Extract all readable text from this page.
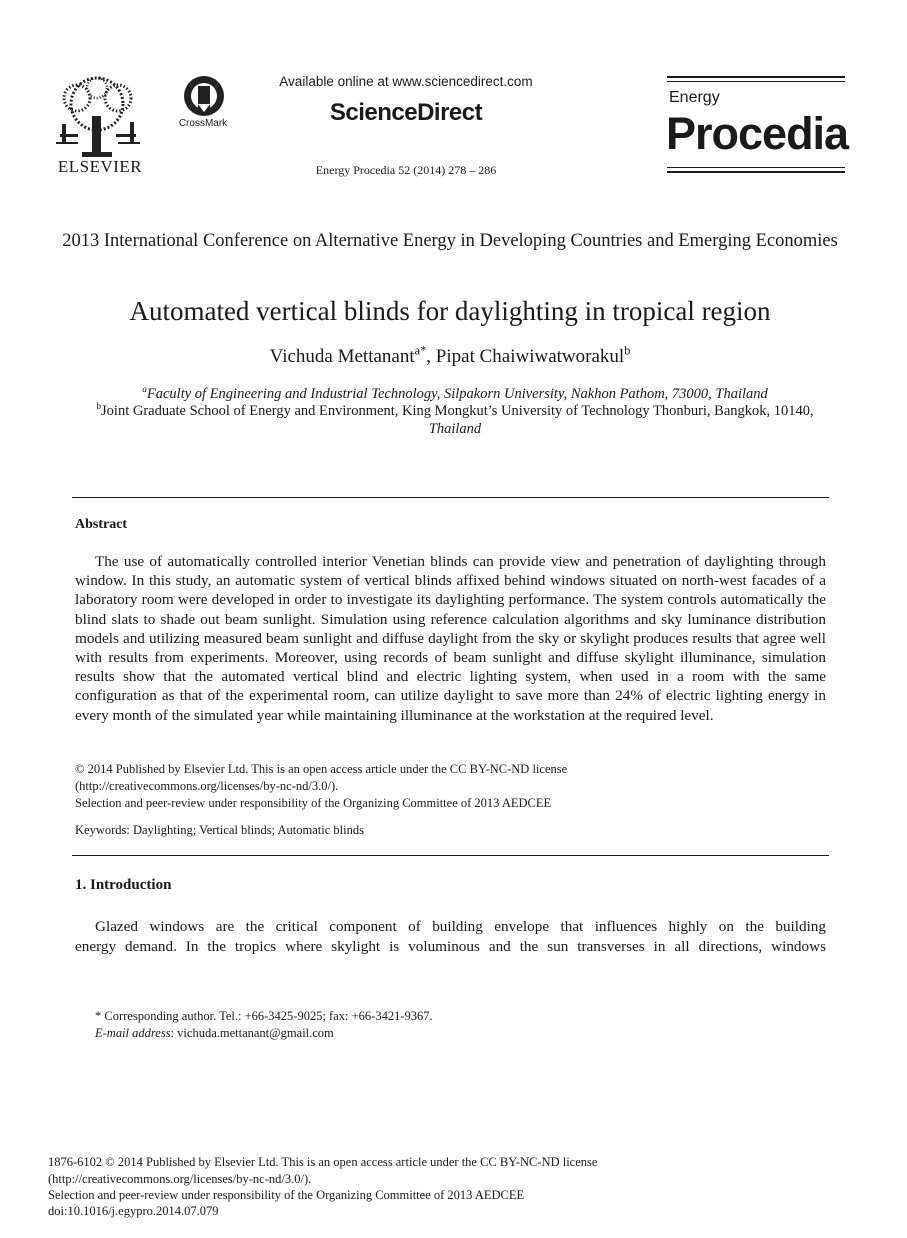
ELSEVIER
CrossMark
Available online at www.sciencedirect.com
ScienceDirect
Energy Procedia 52 (2014) 278 – 286
Energy
Procedia
2013 International Conference on Alternative Energy in Developing Countries and Emerging Economies
Automated vertical blinds for daylighting in tropical region
Vichuda Mettanant$^{a*}$, Pipat Chaiwiwatworakul$^b$
$^a$Faculty of Engineering and Industrial Technology, Silpakorn University, Nakhon Pathom, 73000, Thailand
$^b$Joint Graduate School of Energy and Environment, King Mongkut’s University of Technology Thonburi, Bangkok, 10140,
Thailand
Abstract

The use of automatically controlled interior Venetian blinds can provide view and penetration of daylighting through window. In this study, an automatic system of vertical blinds affixed behind windows situated on north-west facades of a laboratory room were developed in order to investigate its daylighting performance. The system controls automatically the blind slats to shade out beam sunlight. Simulation using reference calculation algorithms and sky luminance distribution models and utilizing measured beam sunlight and diffuse daylight from the sky or skylight produces results that agree well with results from experiments. Moreover, using records of beam sunlight and diffuse skylight illuminance, simulation results show that the automated vertical blind and electric lighting system, when used in a room with the same configuration as that of the experimental room, can utilize daylight to save more than 24% of electric lighting energy in every month of the simulated year while maintaining illuminance at the workstation at the required level.

© 2014 Published by Elsevier Ltd. This is an open access article under the CC BY-NC-ND license
(http://creativecommons.org/licenses/by-nc-nd/3.0/).
Selection and peer-review under responsibility of the Organizing Committee of 2013 AEDCEE
Keywords: Daylighting; Vertical blinds; Automatic blinds
1. Introduction
Glazed windows are the critical component of building envelope that influences highly on the building
energy demand. In the tropics where skylight is voluminous and the sun transverses in all directions, windows
* Corresponding author. Tel.: +66-3425-9025; fax: +66-3421-9367.
E-mail address: vichuda.mettanant@gmail.com
1876-6102 © 2014 Published by Elsevier Ltd. This is an open access article under the CC BY-NC-ND license
(http://creativecommons.org/licenses/by-nc-nd/3.0/).
Selection and peer-review under responsibility of the Organizing Committee of 2013 AEDCEE
doi:10.1016/j.egypro.2014.07.079
